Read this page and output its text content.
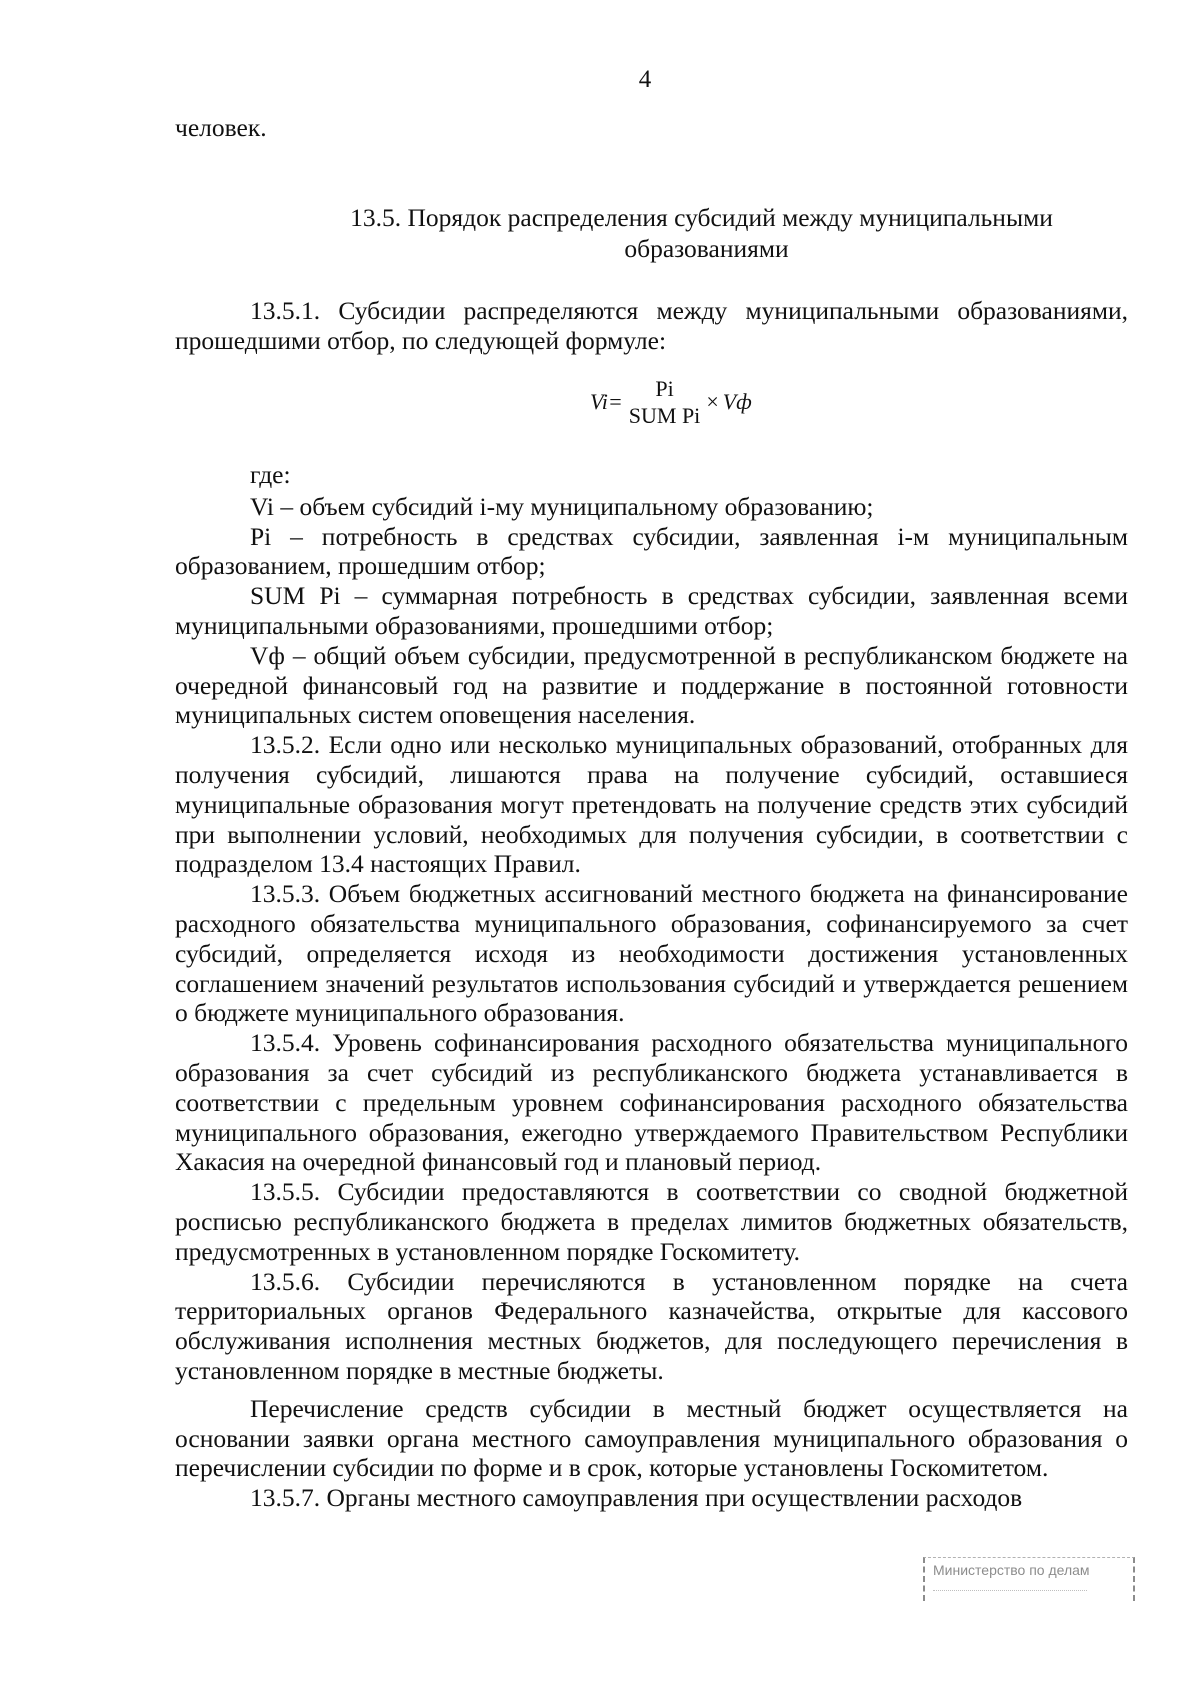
4
человек.
13.5. Порядок распределения субсидий между муниципальными
образованиями

13.5.1. Субсидии распределяются между муниципальными образованиями, прошедшими отбор, по следующей формуле:

Vi=
Pi
SUM Pi
× Vф

где:

Vi – объем субсидий i-му муниципальному образованию;

Pi – потребность в средствах субсидии, заявленная i-м муниципальным образованием, прошедшим отбор;

SUM Pi – суммарная потребность в средствах субсидии, заявленная всеми муниципальными образованиями, прошедшими отбор;

Vф – общий объем субсидии, предусмотренной в республиканском бюджете на очередной финансовый год на развитие и поддержание в постоянной готовности муниципальных систем оповещения населения.

13.5.2. Если одно или несколько муниципальных образований, отобранных для получения субсидий, лишаются права на получение субсидий, оставшиеся муниципальные образования могут претендовать на получение средств этих субсидий при выполнении условий, необходимых для получения субсидии, в соответствии с подразделом 13.4 настоящих Правил.

13.5.3. Объем бюджетных ассигнований местного бюджета на финансирование расходного обязательства муниципального образования, софинансируемого за счет субсидий, определяется исходя из необходимости достижения установленных соглашением значений результатов использования субсидий и утверждается решением о бюджете муниципального образования.

13.5.4. Уровень софинансирования расходного обязательства муниципального образования за счет субсидий из республиканского бюджета устанавливается в соответствии с предельным уровнем софинансирования расходного обязательства муниципального образования, ежегодно утверждаемого Правительством Республики Хакасия на очередной финансовый год и плановый период.

13.5.5. Субсидии предоставляются в соответствии со сводной бюджетной росписью республиканского бюджета в пределах лимитов бюджетных обязательств, предусмотренных в установленном порядке Госкомитету.

13.5.6. Субсидии перечисляются в установленном порядке на счета территориальных органов Федерального казначейства, открытые для кассового обслуживания исполнения местных бюджетов, для последующего перечисления в установленном порядке в местные бюджеты.

Перечисление средств субсидии в местный бюджет осуществляется на основании заявки органа местного самоуправления муниципального образования о перечислении субсидии по форме и в срок, которые установлены Госкомитетом.

13.5.7. Органы местного самоуправления при осуществлении расходов

Министерство по делам
